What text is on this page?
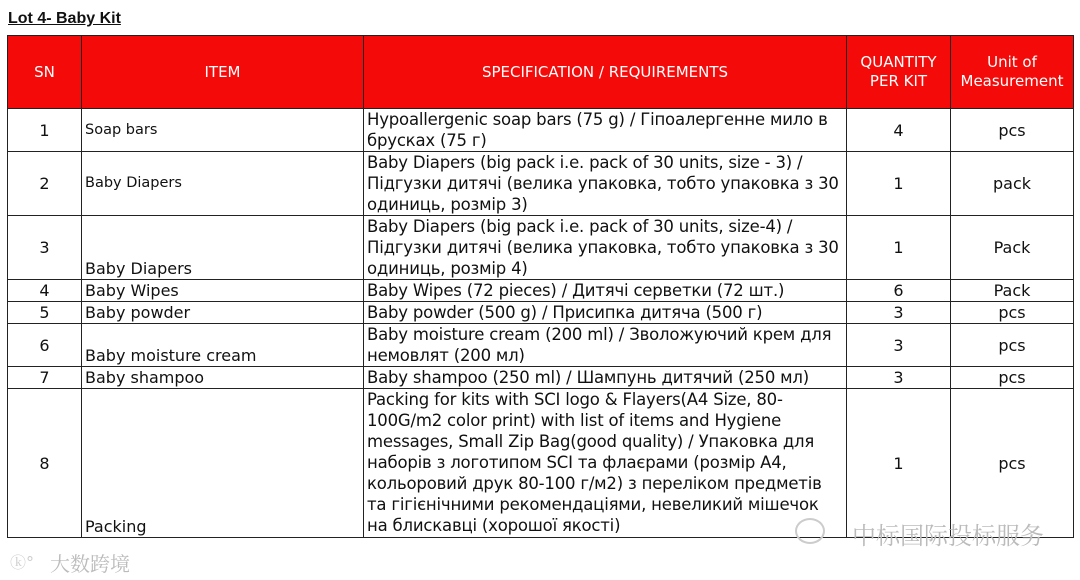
Lot 4- Baby Kit
SN	ITEM	SPECIFICATION / REQUIREMENTS	QUANTITY PER KIT	Unit of Measurement
1	Soap bars	Hypoallergenic soap bars (75 g) / Гіпоалергенне мило в брусках (75 г)	4	pcs
2	Baby Diapers	Baby Diapers (big pack i.e. pack of 30 units, size - 3) / Підгузки дитячі (велика упаковка, тобто упаковка з 30 одиниць, розмір 3)	1	pack
3	Baby Diapers	Baby Diapers (big pack i.e. pack of 30 units, size-4) / Підгузки дитячі (велика упаковка, тобто упаковка з 30 одиниць, розмір 4)	1	Pack
4	Baby Wipes	Baby Wipes (72 pieces) / Дитячі серветки (72 шт.)	6	Pack
5	Baby powder	Baby powder (500 g) / Присипка дитяча (500 г)	3	pcs
6	Baby moisture cream	Baby moisture cream (200 ml) / Зволожуючий крем для немовлят (200 мл)	3	pcs
7	Baby shampoo	Baby shampoo (250 ml) / Шампунь дитячий (250 мл)	3	pcs
8	Packing	Packing for kits with SCI logo & Flayers(A4 Size, 80-100G/m2 color print) with list of items and Hygiene messages, Small Zip Bag(good quality) / Упаковка для наборів з логотипом SCI та флаєрами (розмір A4, кольоровий друк 80-100 г/м2) з переліком предметів та гігієнічними рекомендаціями, невеликий мішечок на блискавці (хорошої якості)	1	pcs
中标国际投标服务
大数跨境
ⓚ°
